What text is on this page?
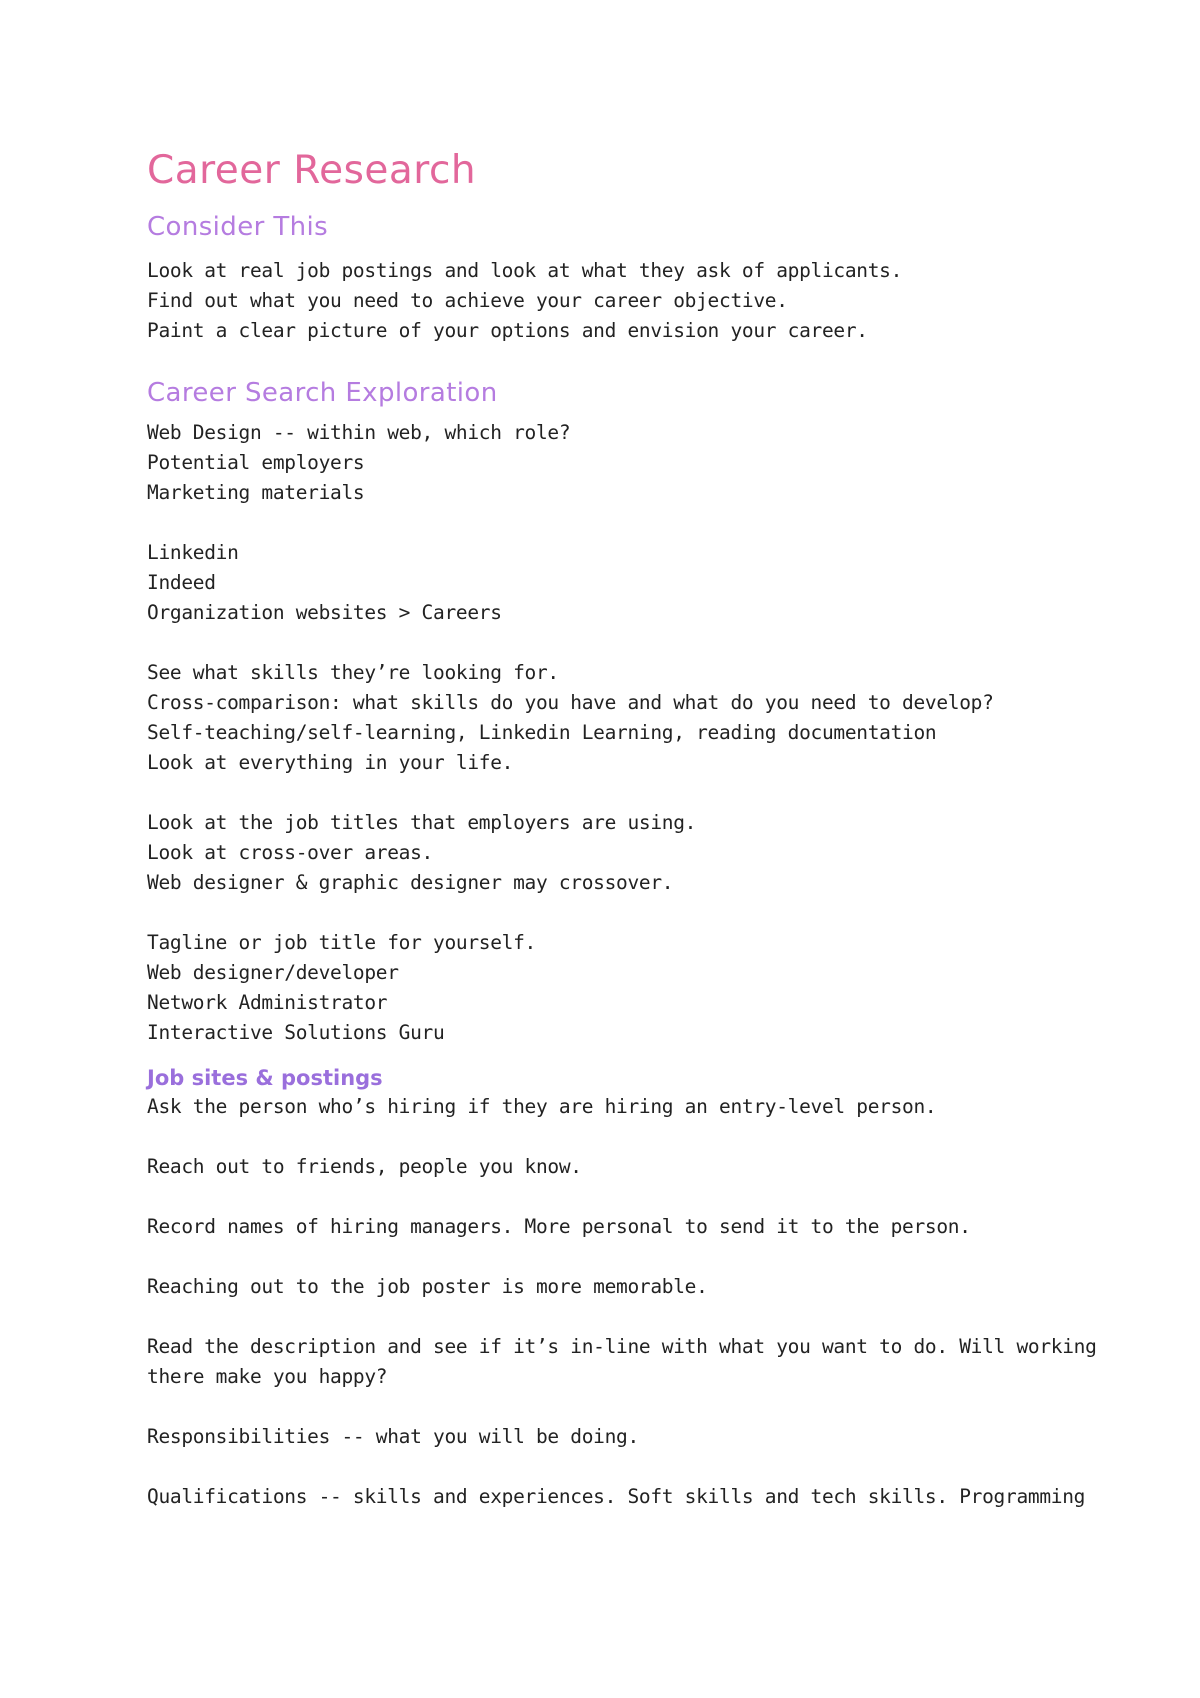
Career Research
Consider This

Look at real job postings and look at what they ask of applicants.

Find out what you need to achieve your career objective.

Paint a clear picture of your options and envision your career.

Career Search Exploration

Web Design -- within web, which role?

Potential employers

Marketing materials

Linkedin

Indeed

Organization websites > Careers

See what skills they’re looking for.

Cross-comparison: what skills do you have and what do you need to develop?

Self-teaching/self-learning, Linkedin Learning, reading documentation

Look at everything in your life.

Look at the job titles that employers are using.

Look at cross-over areas.

Web designer & graphic designer may crossover.

Tagline or job title for yourself.

Web designer/developer

Network Administrator

Interactive Solutions Guru

Job sites & postings

Ask the person who’s hiring if they are hiring an entry-level person.

Reach out to friends, people you know.

Record names of hiring managers. More personal to send it to the person.

Reaching out to the job poster is more memorable.

Read the description and see if it’s in-line with what you want to do. Will working

there make you happy?

Responsibilities -- what you will be doing.

Qualifications -- skills and experiences. Soft skills and tech skills. Programming
